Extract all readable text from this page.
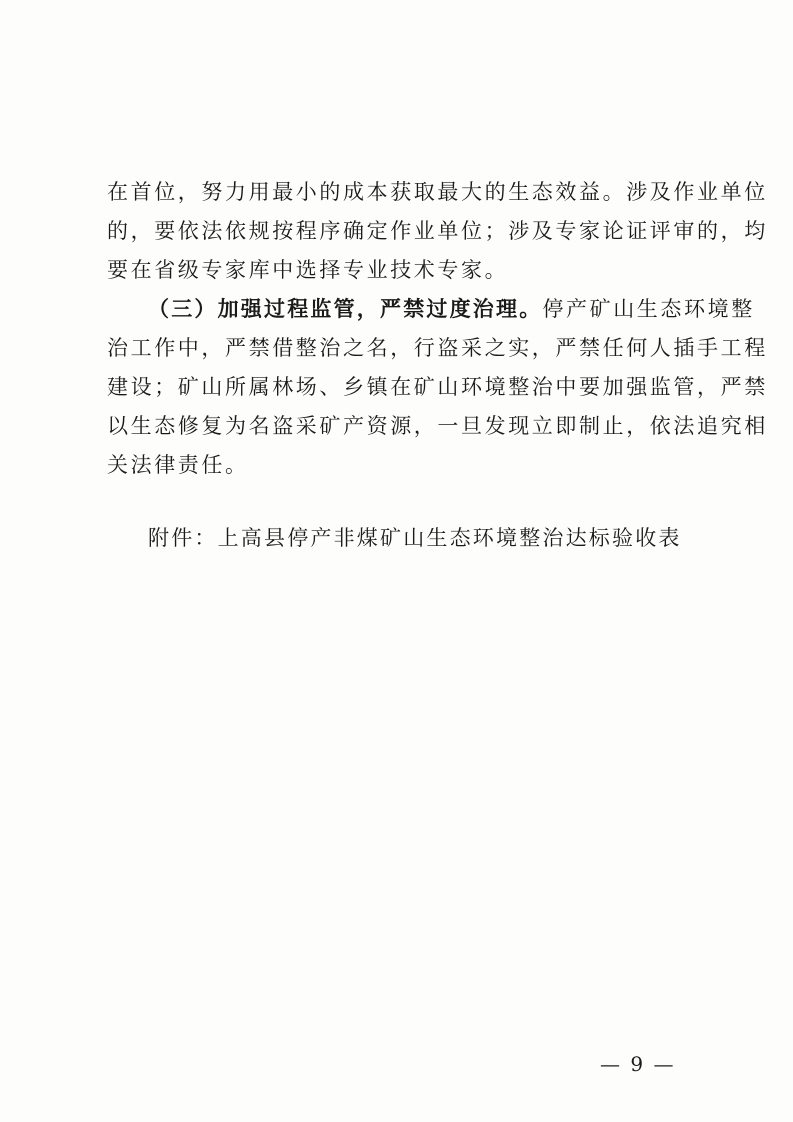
在首位，努力用最小的成本获取最大的生态效益。涉及作业单位
的，要依法依规按程序确定作业单位；涉及专家论证评审的，均
要在省级专家库中选择专业技术专家。
（三）加强过程监管，严禁过度治理。停产矿山生态环境整
治工作中，严禁借整治之名，行盗采之实，严禁任何人插手工程
建设；矿山所属林场、乡镇在矿山环境整治中要加强监管，严禁
以生态修复为名盗采矿产资源，一旦发现立即制止，依法追究相
关法律责任。
附件：上高县停产非煤矿山生态环境整治达标验收表
— 9 —
